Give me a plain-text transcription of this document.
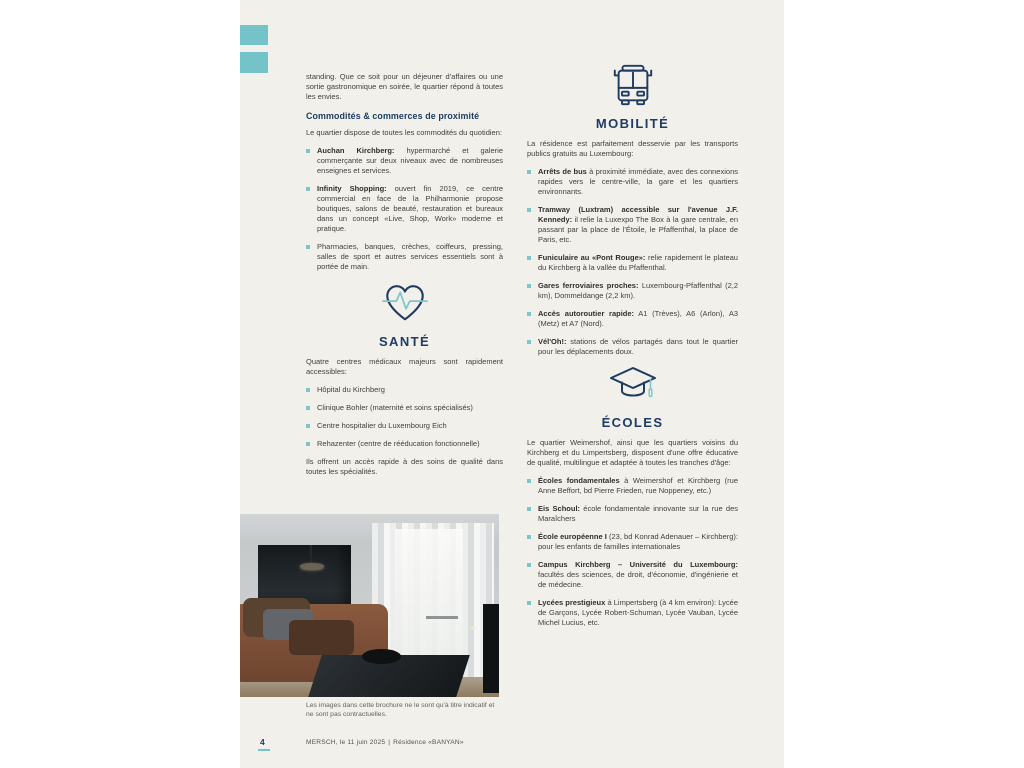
standing. Que ce soit pour un déjeuner d'affaires ou une sortie gastronomique en soirée, le quartier répond à toutes les envies.

Commodités & commerces de proximité

Le quartier dispose de toutes les commodités du quotidien:

Auchan Kirchberg: hypermarché et galerie commerçante sur deux niveaux avec de nombreuses enseignes et services.
Infinity Shopping: ouvert fin 2019, ce centre commercial en face de la Philharmonie propose boutiques, salons de beauté, restauration et bureaux dans un concept «Live, Shop, Work» moderne et pratique.
Pharmacies, banques, crèches, coiffeurs, pressing, salles de sport et autres services essentiels sont à portée de main.
SANTÉ

Quatre centres médicaux majeurs sont rapidement accessibles:

Hôpital du Kirchberg
Clinique Bohler (maternité et soins spécialisés)
Centre hospitalier du Luxembourg Eich
Rehazenter (centre de rééducation fonctionnelle)

Ils offrent un accès rapide à des soins de qualité dans toutes les spécialités.

MOBILITÉ

La résidence est parfaitement desservie par les transports publics gratuits au Luxembourg:

Arrêts de bus à proximité immédiate, avec des connexions rapides vers le centre-ville, la gare et les quartiers environnants.
Tramway (Luxtram) accessible sur l'avenue J.F. Kennedy: il relie la Luxexpo The Box à la gare centrale, en passant par la place de l'Étoile, le Pfaffenthal, la place de Paris, etc.
Funiculaire au «Pont Rouge»: relie rapidement le plateau du Kirchberg à la vallée du Pfaffenthal.
Gares ferroviaires proches: Luxembourg-Pfaffenthal (2,2 km), Dommeldange (2,2 km).
Accès autoroutier rapide: A1 (Trèves), A6 (Arlon), A3 (Metz) et A7 (Nord).
Vél'Oh!: stations de vélos partagés dans tout le quartier pour les déplacements doux.
ÉCOLES

Le quartier Weimershof, ainsi que les quartiers voisins du Kirchberg et du Limpertsberg, disposent d'une offre éducative de qualité, multilingue et adaptée à toutes les tranches d'âge:

Écoles fondamentales à Weimershof et Kirchberg (rue Anne Beffort, bd Pierre Frieden, rue Noppeney, etc.)
Eis Schoul: école fondamentale innovante sur la rue des Maraîchers
École européenne I (23, bd Konrad Adenauer – Kirchberg): pour les enfants de familles internationales
Campus Kirchberg – Université du Luxembourg: facultés des sciences, de droit, d'économie, d'ingénierie et de médecine.
Lycées prestigieux à Limpertsberg (à 4 km environ): Lycée de Garçons, Lycée Robert-Schuman, Lycée Vauban, Lycée Michel Lucius, etc.
Les images dans cette brochure ne le sont qu'à titre indicatif et ne sont pas contractuelles.
4	MERSCH, le 11 juin 2025 | Résidence «BANYAN»
